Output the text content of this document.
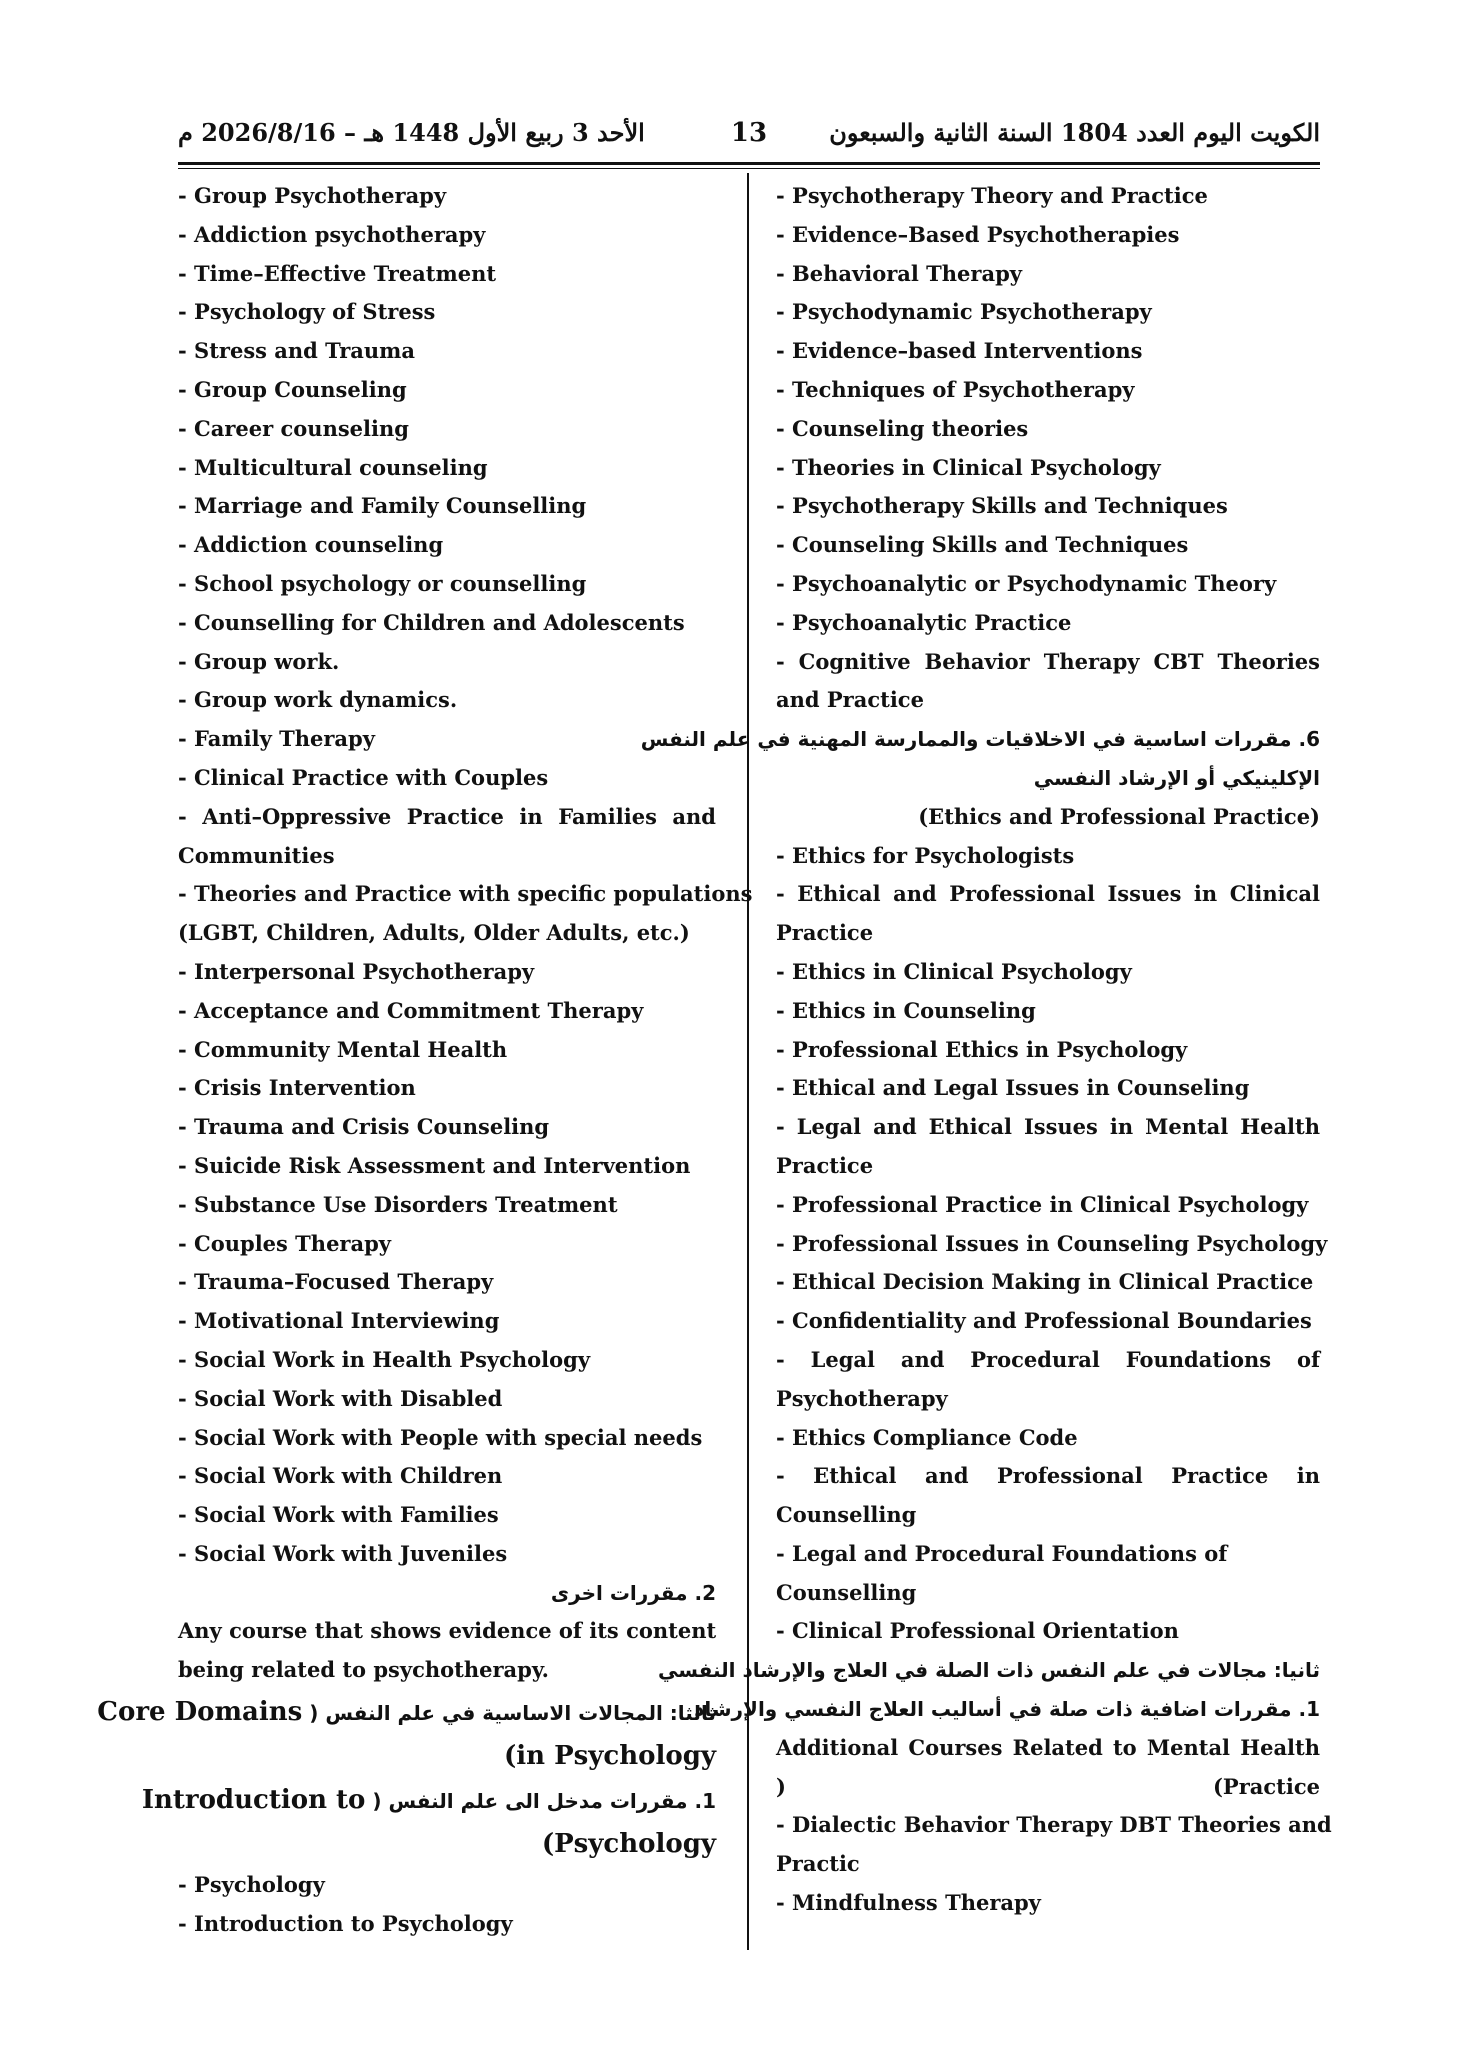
الأحد 3 ربيع الأول 1448 هـ – 2026/8/16 م	13	الكويت اليوم العدد 1804 السنة الثانية والسبعون
- Group Psychotherapy
- Addiction psychotherapy
- Time–Effective Treatment
- Psychology of Stress
- Stress and Trauma
- Group Counseling
- Career counseling
- Multicultural counseling
- Marriage and Family Counselling
- Addiction counseling
- School psychology or counselling
- Counselling for Children and Adolescents
- Group work.
- Group work dynamics.
- Family Therapy
- Clinical Practice with Couples
- Anti–Oppressive Practice in Families and
Communities
- Theories and Practice with specific populations
(LGBT, Children, Adults, Older Adults, etc.)
- Interpersonal Psychotherapy
- Acceptance and Commitment Therapy
- Community Mental Health
- Crisis Intervention
- Trauma and Crisis Counseling
- Suicide Risk Assessment and Intervention
- Substance Use Disorders Treatment
- Couples Therapy
- Trauma–Focused Therapy
- Motivational Interviewing
- Social Work in Health Psychology
- Social Work with Disabled
- Social Work with People with special needs
- Social Work with Children
- Social Work with Families
- Social Work with Juveniles
2. مقررات اخرى
Any course that shows evidence of its content
being related to psychotherapy.
ثالثا: المجالات الاساسية في علم النفس ( Core Domains
(in Psychology
1. مقررات مدخل الى علم النفس ( Introduction to
(Psychology
- Psychology
- Introduction to Psychology
- Psychotherapy Theory and Practice
- Evidence–Based Psychotherapies
- Behavioral Therapy
- Psychodynamic Psychotherapy
- Evidence–based Interventions
- Techniques of Psychotherapy
- Counseling theories
- Theories in Clinical Psychology
- Psychotherapy Skills and Techniques
- Counseling Skills and Techniques
- Psychoanalytic or Psychodynamic Theory
- Psychoanalytic Practice
- Cognitive Behavior Therapy CBT Theories
and Practice
6. مقررات اساسية في الاخلاقيات والممارسة المهنية في علم النفس
الإكلينيكي أو الإرشاد النفسي
(Ethics and Professional Practice)
- Ethics for Psychologists
- Ethical and Professional Issues in Clinical
Practice
- Ethics in Clinical Psychology
- Ethics in Counseling
- Professional Ethics in Psychology
- Ethical and Legal Issues in Counseling
- Legal and Ethical Issues in Mental Health
Practice
- Professional Practice in Clinical Psychology
- Professional Issues in Counseling Psychology
- Ethical Decision Making in Clinical Practice
- Confidentiality and Professional Boundaries
- Legal and Procedural Foundations of
Psychotherapy
- Ethics Compliance Code
- Ethical and Professional Practice in
Counselling
- Legal and Procedural Foundations of
Counselling
- Clinical Professional Orientation
ثانيا: مجالات في علم النفس ذات الصلة في العلاج والإرشاد النفسي
1. مقررات اضافية ذات صلة في أساليب العلاج النفسي والإرشاد
Additional Courses Related to Mental Health )	(Practice
- Dialectic Behavior Therapy DBT Theories and
Practic
- Mindfulness Therapy
